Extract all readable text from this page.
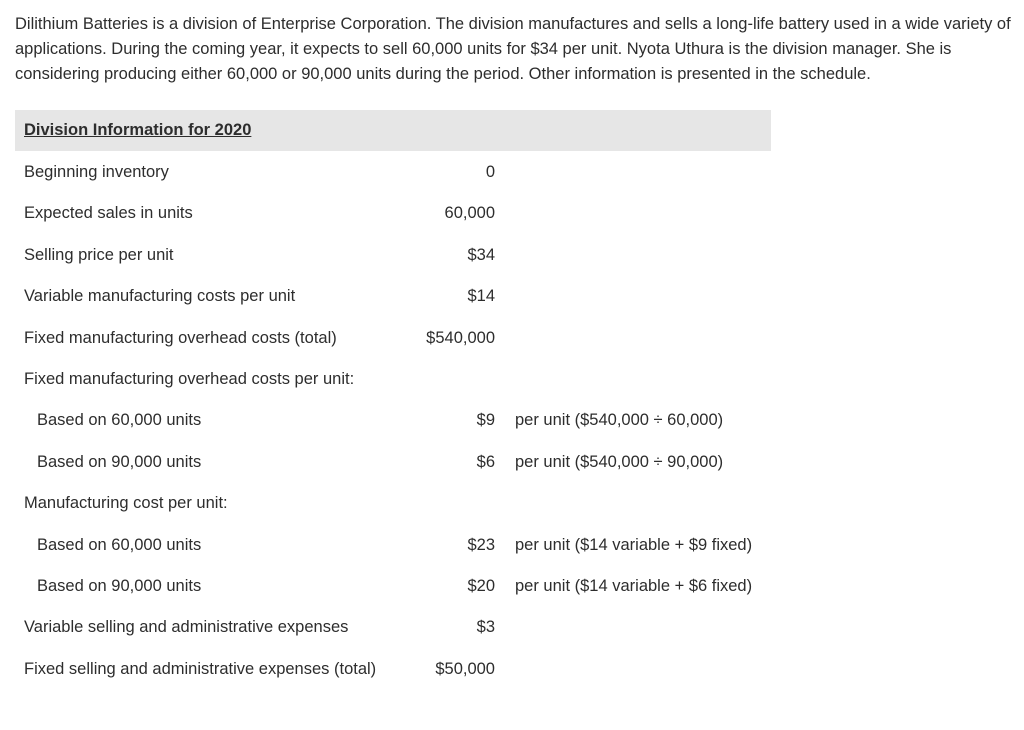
Dilithium Batteries is a division of Enterprise Corporation. The division manufactures and sells a long-life battery used in a wide variety of applications. During the coming year, it expects to sell 60,000 units for $34 per unit. Nyota Uthura is the division manager. She is considering producing either 60,000 or 90,000 units during the period. Other information is presented in the schedule.

Division Information for 2020
Beginning inventory	0
Expected sales in units	60,000
Selling price per unit	$34
Variable manufacturing costs per unit	$14
Fixed manufacturing overhead costs (total)	$540,000
Fixed manufacturing overhead costs per unit:
Based on 60,000 units	$9 per unit ($540,000 ÷ 60,000)
Based on 90,000 units	$6 per unit ($540,000 ÷ 90,000)
Manufacturing cost per unit:
Based on 60,000 units	$23 per unit ($14 variable + $9 fixed)
Based on 90,000 units	$20 per unit ($14 variable + $6 fixed)
Variable selling and administrative expenses	$3
Fixed selling and administrative expenses (total)	$50,000
